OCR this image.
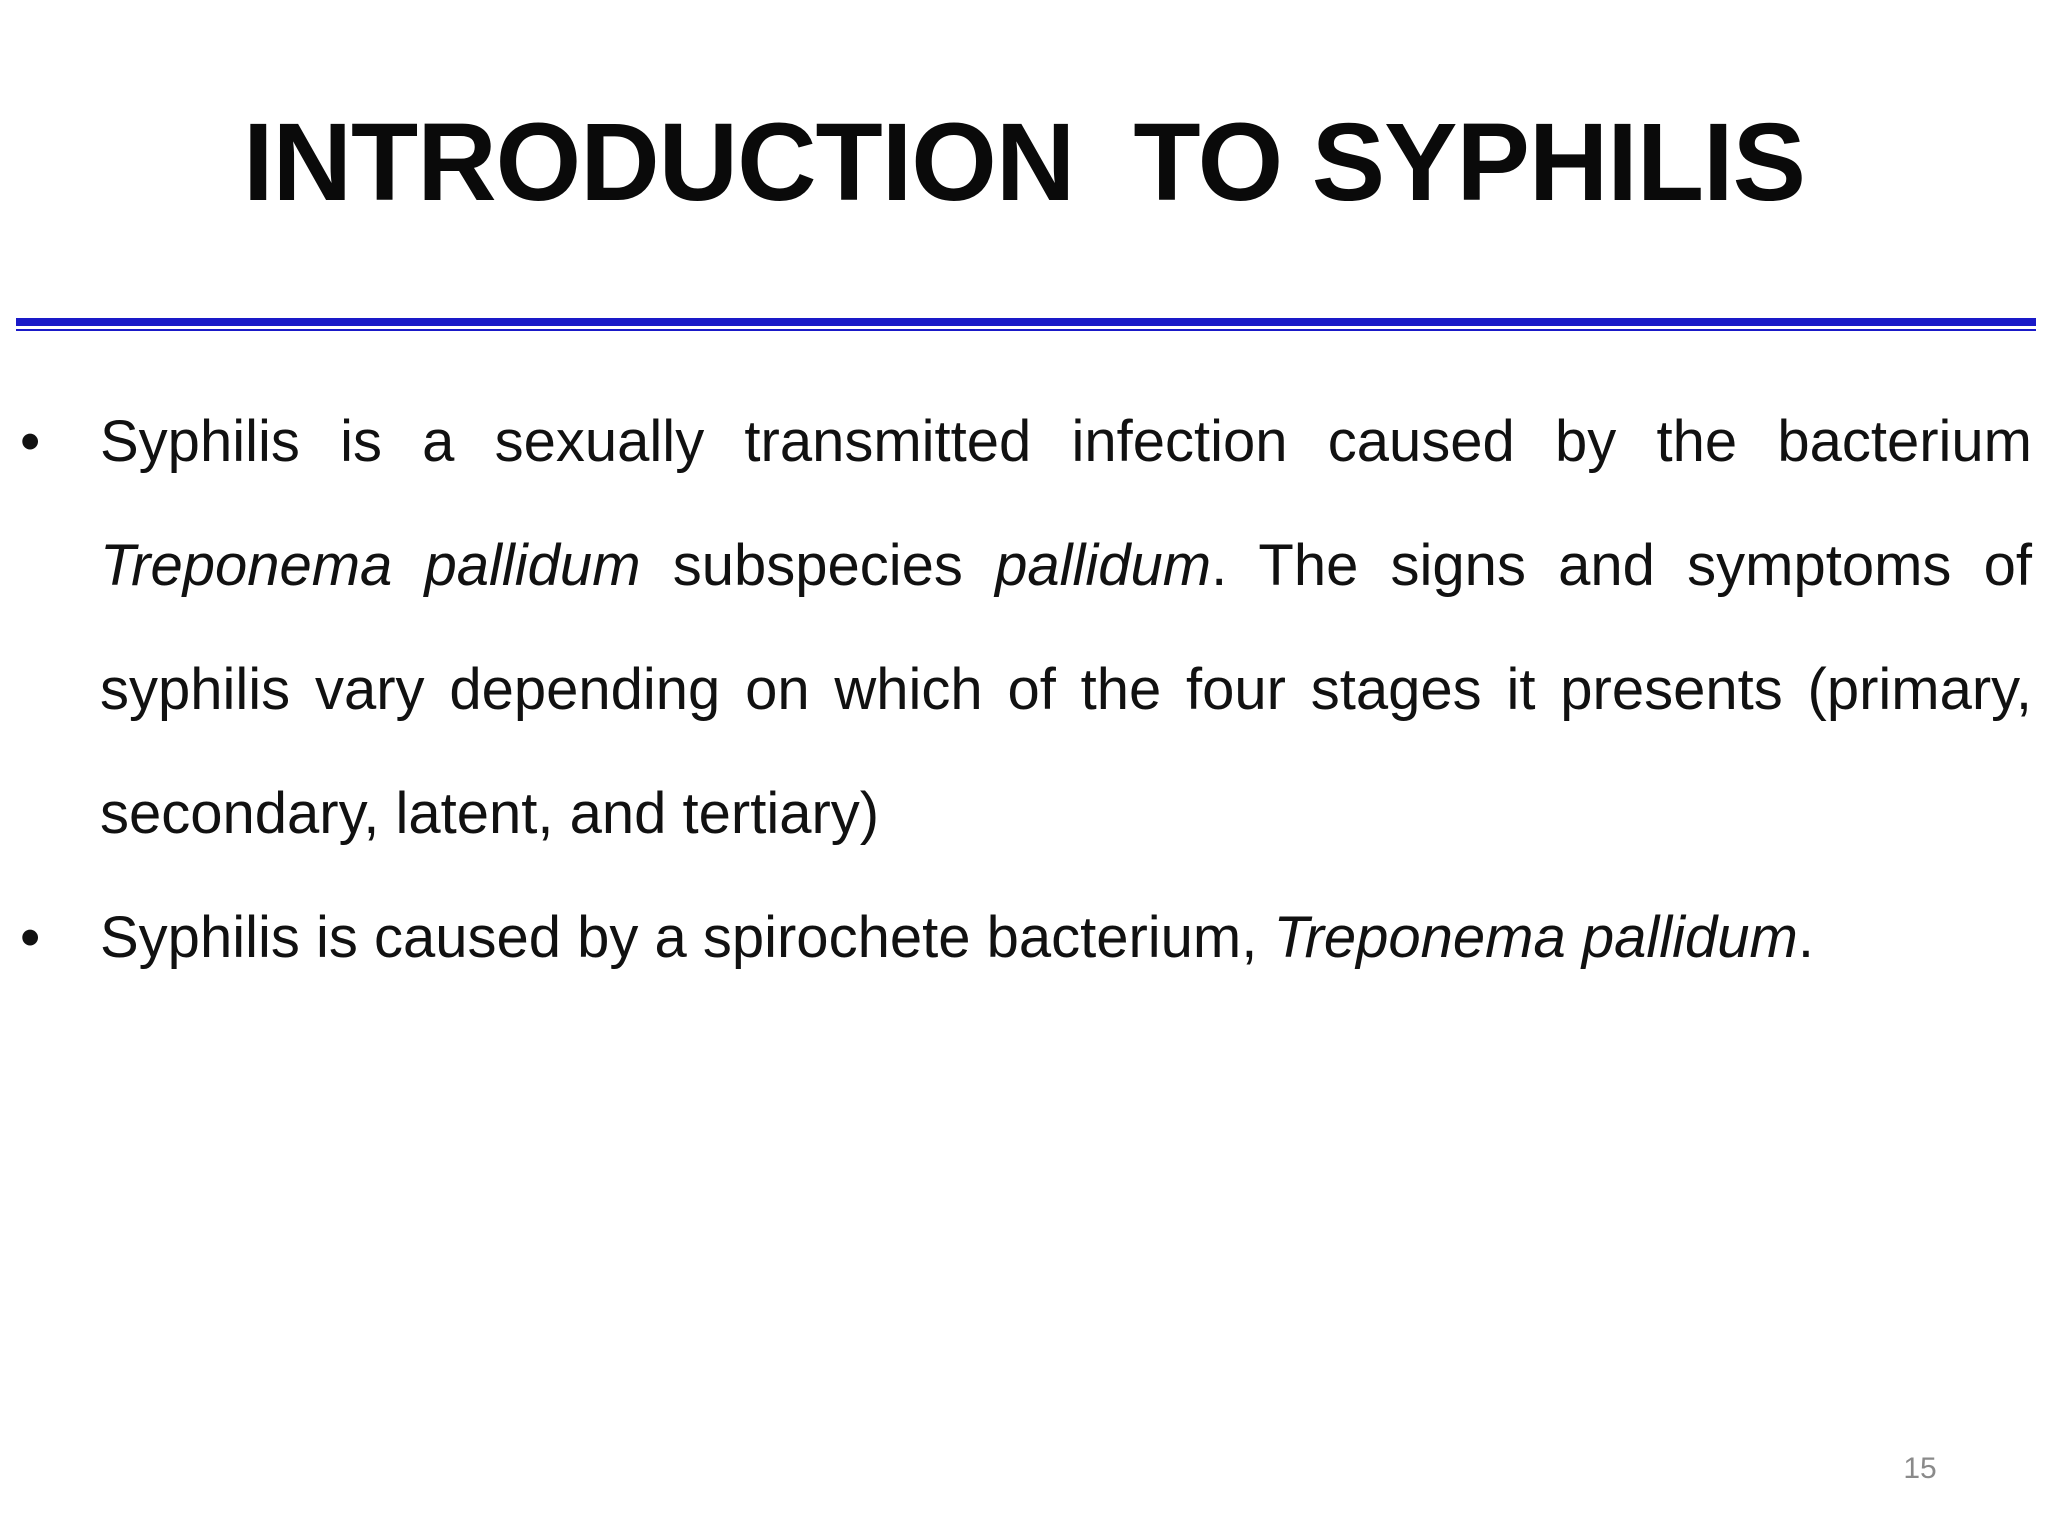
INTRODUCTION  TO SYPHILIS
•	Syphilis is a sexually transmitted infection caused by the bacterium Treponema pallidum subspecies pallidum. The signs and symptoms of syphilis vary depending on which of the four stages it presents (primary, secondary, latent, and tertiary)
•	Syphilis is caused by a spirochete bacterium, Treponema pallidum.
15
